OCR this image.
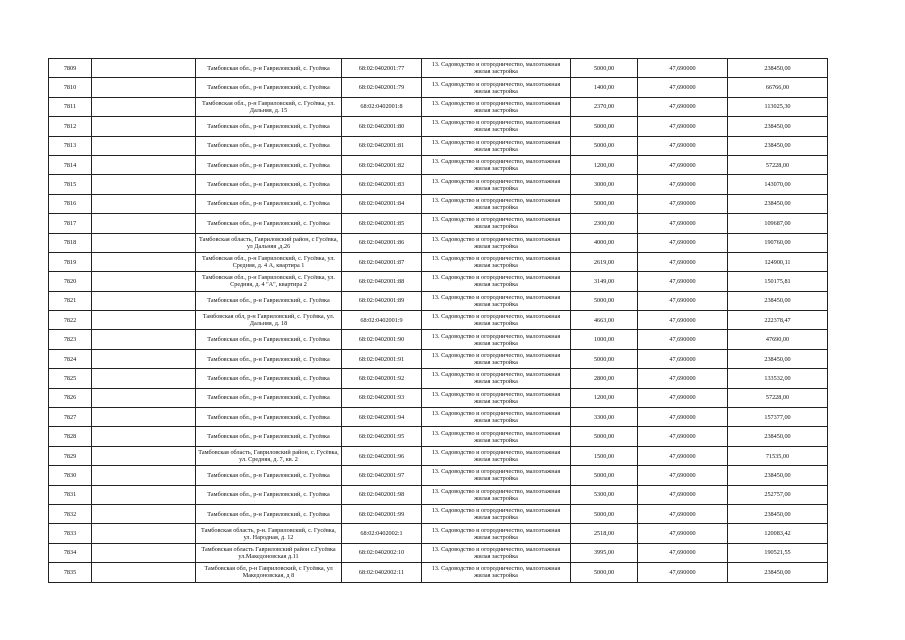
7809		Тамбовская обл., р-н Гавриловский, с. Гусёвка	68:02:0402001:77	13. Садоводство и огородничество, малоэтажная жилая застройка	5000,00	47,690000	238450,00
7810		Тамбовская обл., р-н Гавриловский, с. Гусёвка	68:02:0402001:79	13. Садоводство и огородничество, малоэтажная жилая застройка	1400,00	47,690000	66766,00
7811		Тамбовская обл., р-н Гавриловский, с. Гусёвка, ул. Дальняя, д. 15	68:02:0402001:8	13. Садоводство и огородничество, малоэтажная жилая застройка	2370,00	47,690000	113025,30
7812		Тамбовская обл., р-н Гавриловский, с. Гусёвка	68:02:0402001:80	13. Садоводство и огородничество, малоэтажная жилая застройка	5000,00	47,690000	238450,00
7813		Тамбовская обл., р-н Гавриловский, с. Гусёвка	68:02:0402001:81	13. Садоводство и огородничество, малоэтажная жилая застройка	5000,00	47,690000	238450,00
7814		Тамбовская обл., р-н Гавриловский, с. Гусёвка	68:02:0402001:82	13. Садоводство и огородничество, малоэтажная жилая застройка	1200,00	47,690000	57228,00
7815		Тамбовская обл., р-н Гавриловский, с. Гусёвка	68:02:0402001:83	13. Садоводство и огородничество, малоэтажная жилая застройка	3000,00	47,690000	143070,00
7816		Тамбовская обл., р-н Гавриловский, с. Гусёвка	68:02:0402001:84	13. Садоводство и огородничество, малоэтажная жилая застройка	5000,00	47,690000	238450,00
7817		Тамбовская обл., р-н Гавриловский, с. Гусёвка	68:02:0402001:85	13. Садоводство и огородничество, малоэтажная жилая застройка	2300,00	47,690000	109687,00
7818		Тамбовская область, Гавриловский район, с Гусёвка, ул Дальняя ,д.26	68:02:0402001:86	13. Садоводство и огородничество, малоэтажная жилая застройка	4000,00	47,690000	190760,00
7819		Тамбовская обл., р-н Гавриловский, с. Гусёвка, ул. Средняя, д. 4 А, квартира 1	68:02:0402001:87	13. Садоводство и огородничество, малоэтажная жилая застройка	2619,00	47,690000	124900,11
7820		Тамбовская обл., р-н Гавриловский, с. Гусёвка, ул. Средняя, д. 4 "А", квартира 2	68:02:0402001:88	13. Садоводство и огородничество, малоэтажная жилая застройка	3149,00	47,690000	150175,81
7821		Тамбовская обл., р-н Гавриловский, с. Гусёвка	68:02:0402001:89	13. Садоводство и огородничество, малоэтажная жилая застройка	5000,00	47,690000	238450,00
7822		Тамбовская обл, р-н Гавриловский, с. Гусёвка, ул. Дальняя, д. 18	68:02:0402001:9	13. Садоводство и огородничество, малоэтажная жилая застройка	4663,00	47,690000	222378,47
7823		Тамбовская обл., р-н Гавриловский, с. Гусёвка	68:02:0402001:90	13. Садоводство и огородничество, малоэтажная жилая застройка	1000,00	47,690000	47690,00
7824		Тамбовская обл., р-н Гавриловский, с. Гусёвка	68:02:0402001:91	13. Садоводство и огородничество, малоэтажная жилая застройка	5000,00	47,690000	238450,00
7825		Тамбовская обл., р-н Гавриловский, с. Гусёвка	68:02:0402001:92	13. Садоводство и огородничество, малоэтажная жилая застройка	2800,00	47,690000	133532,00
7826		Тамбовская обл., р-н Гавриловский, с. Гусёвка	68:02:0402001:93	13. Садоводство и огородничество, малоэтажная жилая застройка	1200,00	47,690000	57228,00
7827		Тамбовская обл., р-н Гавриловский, с. Гусёвка	68:02:0402001:94	13. Садоводство и огородничество, малоэтажная жилая застройка	3300,00	47,690000	157377,00
7828		Тамбовская обл., р-н Гавриловский, с. Гусёвка	68:02:0402001:95	13. Садоводство и огородничество, малоэтажная жилая застройка	5000,00	47,690000	238450,00
7829		Тамбовская область, Гавриловский район, с. Гусёвка, ул. Средняя, д. 7, кв. 2	68:02:0402001:96	13. Садоводство и огородничество, малоэтажная жилая застройка	1500,00	47,690000	71535,00
7830		Тамбовская обл., р-н Гавриловский, с. Гусёвка	68:02:0402001:97	13. Садоводство и огородничество, малоэтажная жилая застройка	5000,00	47,690000	238450,00
7831		Тамбовская обл., р-н Гавриловский, с. Гусёвка	68:02:0402001:98	13. Садоводство и огородничество, малоэтажная жилая застройка	5300,00	47,690000	252757,00
7832		Тамбовская обл., р-н Гавриловский, с. Гусёвка	68:02:0402001:99	13. Садоводство и огородничество, малоэтажная жилая застройка	5000,00	47,690000	238450,00
7833		Тамбовская область, р-н. Гавриловский, с. Гусёвка, ул. Народная, д. 12	68:02:0402002:1	13. Садоводство и огородничество, малоэтажная жилая застройка	2518,00	47,690000	120083,42
7834		Тамбовская область Гавриловский район с.Гусёвка ул.Македоновская д.11	68:02:0402002:10	13. Садоводство и огородничество, малоэтажная жилая застройка	3995,00	47,690000	190521,55
7835		Тамбовская обл, р-н Гавриловский, с Гусёвка, ул Македоновская, д 8	68:02:0402002:11	13. Садоводство и огородничество, малоэтажная жилая застройка	5000,00	47,690000	238450,00
